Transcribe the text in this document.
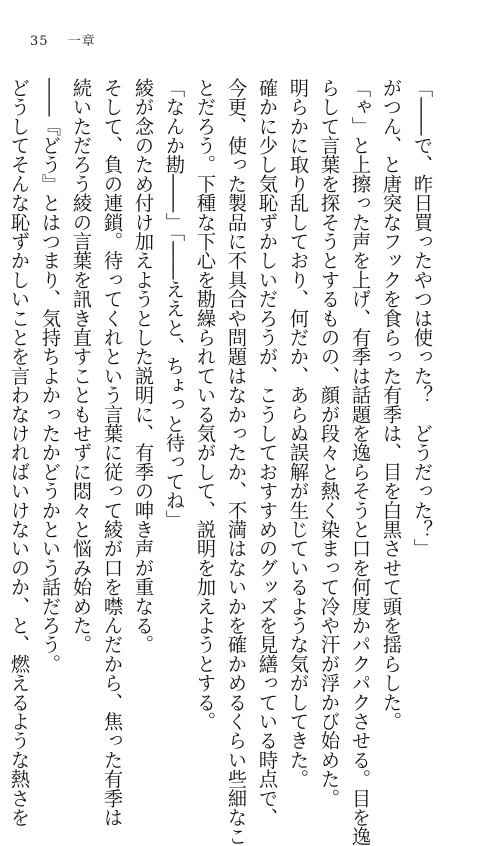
35 一章
「――で、昨日買ったやつは使った？　どうだった？」
がつん、と唐突なフックを食らった有季は、目を白黒させて頭を揺らした。
「ゃ」と上擦った声を上げ、有季は話題を逸らそうと口を何度かパクパクさせる。目を逸
らして言葉を探そうとするものの、顔が段々と熱く染まって冷や汗が浮かび始めた。
明らかに取り乱しており、何だか、あらぬ誤解が生じているような気がしてきた。
確かに少し気恥ずかしいだろうが、こうしておすすめのグッズを見繕っている時点で、
今更、使った製品に不具合や問題はなかったか、不満はないかを確かめるくらい些細なこ
とだろう。下種な下心を勘繰られている気がして、説明を加えようとする。
「なんか勘――」「――ええと、ちょっと待ってね」
綾が念のため付け加えようとした説明に、有季の呻き声が重なる。
そして、負の連鎖。待ってくれという言葉に従って綾が口を噤んだから、焦った有季は
続いただろう綾の言葉を訊き直すこともせずに悶々と悩み始めた。
――『どう』とはつまり、気持ちよかったかどうかという話だろう。
どうしてそんな恥ずかしいことを言わなければいけないのか、と、燃えるような熱さを
